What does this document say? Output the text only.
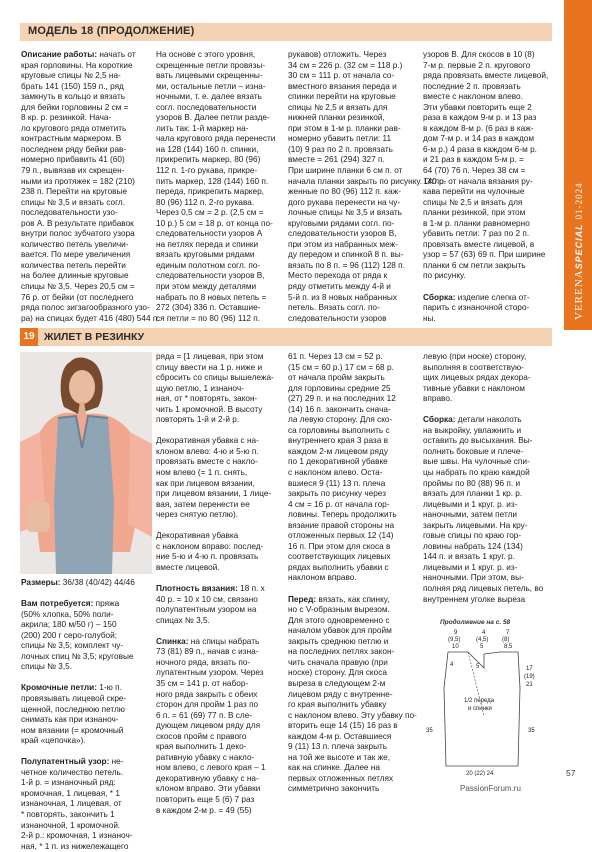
МОДЕЛЬ 18 (ПРОДОЛЖЕНИЕ)
Описание работы: начать от
края горловины. На короткие
круговые спицы № 2,5 на-
брать 141 (150) 159 п., ряд
замкнуть в кольцо и вязать
для бейки горловины 2 см =
8 кр. р. резинкой. Нача-
ло кругового ряда отметить
контрастным маркером. В
последнем ряду бейки рав-
номерно прибавить 41 (60)
79 п., вывязав их скрещен-
ными из протяжек = 182 (210)
238 п. Перейти на круговые
спицы № 3,5 и вязать согл.
последовательности узо-
ров А. В результате прибавок
внутри полос зубчатого узора
количество петель увеличи-
вается. По мере увеличения
количества петель перейти
на более длинные круговые
спицы № 3,5. Через 20,5 см =
76 р. от бейки (от последнего
ряда полос зигзагообразного узо-
ра) на спицах будет 416 (480) 544 п.
На основе с этого уровня,
скрещенные петли провязы-
вать лицевыми скрещенны-
ми, остальные петли – изна-
ночными, т. е. далее вязать
согл. последовательности
узоров В. Далее петли разде-
лить так: 1-й маркер на-
чала кругового ряда перенести
на 128 (144) 160 п. спинки,
прикрепить маркер, 80 (96)
112 п. 1-го рукава, прикре-
пить маркер, 128 (144) 160 п.
переда, прикрепить маркер,
80 (96) 112 п. 2-го рукава.
Через 0,5 см = 2 р. (2,5 см =
10 р.) 5 см = 18 р. от конца по-
следовательности узоров А
на петлях переда и спинки
вязать круговыми рядами
единым полотном согл. по-
следовательности узоров В,
при этом между деталями
набрать по 8 новых петель =
272 (304) 336 п. Оставшие-
ся петли = по 80 (96) 112 п.
рукавов) отложить. Через
34 см = 226 р. (32 см = 118 р.)
30 см = 111 р. от начала со-
вместного вязания переда и
спинки перейти на круговые
спицы № 2,5 и вязать для
нижней планки резинкой,
при этом в 1-м р. планки рав-
номерно убавить петли: 11
(10) 9 раз по 2 п. провязать
вместе = 261 (294) 327 п.
При ширине планки 6 см п. от
начала планки закрыть по рисунку. Отло-
женные по 80 (96) 112 п. каж-
дого рукава перенести на чу-
лочные спицы № 3,5 и вязать
круговыми рядами согл. по-
следовательности узоров В,
при этом из набранных меж-
ду передом и спинкой 8 п. вы-
вязать по 8 п. = 96 (112) 128 п.
Место перехода от ряда к
ряду отметить между 4-й и
5-й п. из 8 новых набранных
петель. Вязать согл. по-
следовательности узоров
узоров В. Для скосов в 10 (8)
7-м р. первые 2 п. кругового
ряда провязать вместе лицевой,
последние 2 п. провязать
вместе с наклоном влево.
Эти убавки повторить еще 2
раза в каждом 9-м р. и 13 раз
в каждом 8-м р. (6 раз в каж-
дом 7-м р. и 14 раз в каждом
6-м р.) 4 раза в каждом 6-м р.
и 21 раз в каждом 5-м р. =
64 (70) 76 п. Через 38 см =
140 р. от начала вязания ру-
кава перейти на чулочные
спицы № 2,5 и вязать для
планки резинкой, при этом
в 1-м р. планки равномерно
убавить петли: 7 раз по 2 п.
провязать вместе лицевой, в
узор = 57 (63) 69 п. При ширине
планки 6 см петли закрыть
по рисунку.

Сборка: изделие слегка от-
парить с изнаночной сторо-
ны.
19 ЖИЛЕТ В РЕЗИНКУ
Размеры: 36/38 (40/42) 44/46

Вам потребуется: пряжа
(50% хлопка, 50% поли-
акрила; 180 м/50 г) – 150
(200) 200 г серо-голубой;
спицы № 3,5; комплект чу-
лочных спиц № 3,5; круговые
спицы № 3,5.

Кромочные петли: 1-ю п.
провязывать лицевой скре-
щенной, последнюю петлю
снимать как при изнаноч-
ном вязании (= кромочный
край «цепочка»).

Полупатентный узор: не-
четное количество петель.
1-й р. = изнаночный ряд:
кромочная, 1 лицевая, * 1
изнаночная, 1 лицевая, от
* повторять, закончить 1
изнаночной, 1 кромочной.
2-й р.: кромочная, 1 изнаноч-
ная, * 1 п. из нижележащего
ряда = [1 лицевая, при этом
спицу ввести на 1 р. ниже и
сбросить со спицы вышележа-
щую петлю, 1 изнаноч-
ная, от * повторять, закон-
чить 1 кромочной. В высоту
повторять 1-й и 2-й р.

Декоративная убавка с на-
клоном влево: 4-ю и 5-ю п.
провязать вместе с накло-
ном влево (= 1 п. снять,
как при лицевом вязании,
при лицевом вязании, 1 лице-
вая, затем перенести ее
через снятую петлю).

Декоративная убавка
с наклоном вправо: послед-
ние 5-ю и 4-ю п. провязать
вместе лицевой.

Плотность вязания: 18 п. х
40 р. = 10 х 10 см, связано
полупатентным узором на
спицах № 3,5.

Спинка: на спицы набрать
73 (81) 89 п., начав с изна-
ночного ряда, вязать по-
лупатентным узором. Через
35 см = 141 р. от набор-
ного ряда закрыть с обеих
сторон для пройм 1 раз по
6 п. = 61 (69) 77 п. В сле-
дующем лицевом ряду для
скосов пройм с правого
края выполнить 1 деко-
ративную убавку с накло-
ном влево, с левого края – 1
декоративную убавку с на-
клоном вправо. Эти убавки
повторить еще 5 (6) 7 раз
в каждом 2-м р. = 49 (55)
61 п. Через 13 см = 52 р.
(15 см = 60 р.) 17 см = 68 р.
от начала пройм закрыть
для горловины средние 25
(27) 29 п. и на последних 12
(14) 16 п. закончить снача-
ла левую сторону. Для ско-
са горловины выполнить с
внутреннего края 3 раза в
каждом 2-м лицевом ряду
по 1 декоративной убавке
с наклоном влево. Оста-
вшиеся 9 (11) 13 п. плеча
закрыть по рисунку через
4 см = 16 р. от начала гор-
ловины. Теперь продолжить
вязание правой стороны на
отложенных первых 12 (14)
16 п. При этом для скоса в
соответствующих лицевых
рядах выполнить убавки с
наклоном вправо.

Перед: вязать, как спинку,
но с V-образным вырезом.
Для этого одновременно с
началом убавок для пройм
закрыть среднюю петлю и
на последних петлях закон-
чить сначала правую (при
носке) сторону. Для скоса
выреза в следующем 2-м
лицевом ряду с внутренне-
го края выполнить убавку
с наклоном влево. Эту убавку по-
вторить еще 14 (15) 16 раз в
каждом 4-м р. Оставшиеся
9 (11) 13 п. плеча закрыть
на той же высоте и так же,
как на спинке. Далее на
первых отложенных петлях
симметрично закончить
левую (при носке) сторону,
выполняя в соответствую-
щих лицевых рядах декора-
тивные убавки с наклоном
вправо.

Сборка: детали наколоть
на выкройку, увлажнить и
оставить до высыхания. Вы-
полнить боковые и плече-
вые швы. На чулочные спи-
цы набрать по краю каждой
проймы по 80 (88) 96 п. и
вязать для планки 1 кр. р.
лицевыми и 1 круг. р. из-
наночными, затем петли
закрыть лицевыми. На кру-
говые спицы по краю гор-
ловины набрать 124 (134)
144 п. и вязать 1 круг. р.
лицевыми и 1 круг. р. из-
наночными. При этом, вы-
полняя ряд лицевых петель, во
внутреннем уголке выреза
Продолжение на с. 58
9	4	7
(9,5)	(4,5) (8)
10	5	8,5
4	5	17
(19)
21
35	35
1/2 переда
и спинки
20 (22) 24
VERENASPECIAL01-2024
57
PassionForum.ru
